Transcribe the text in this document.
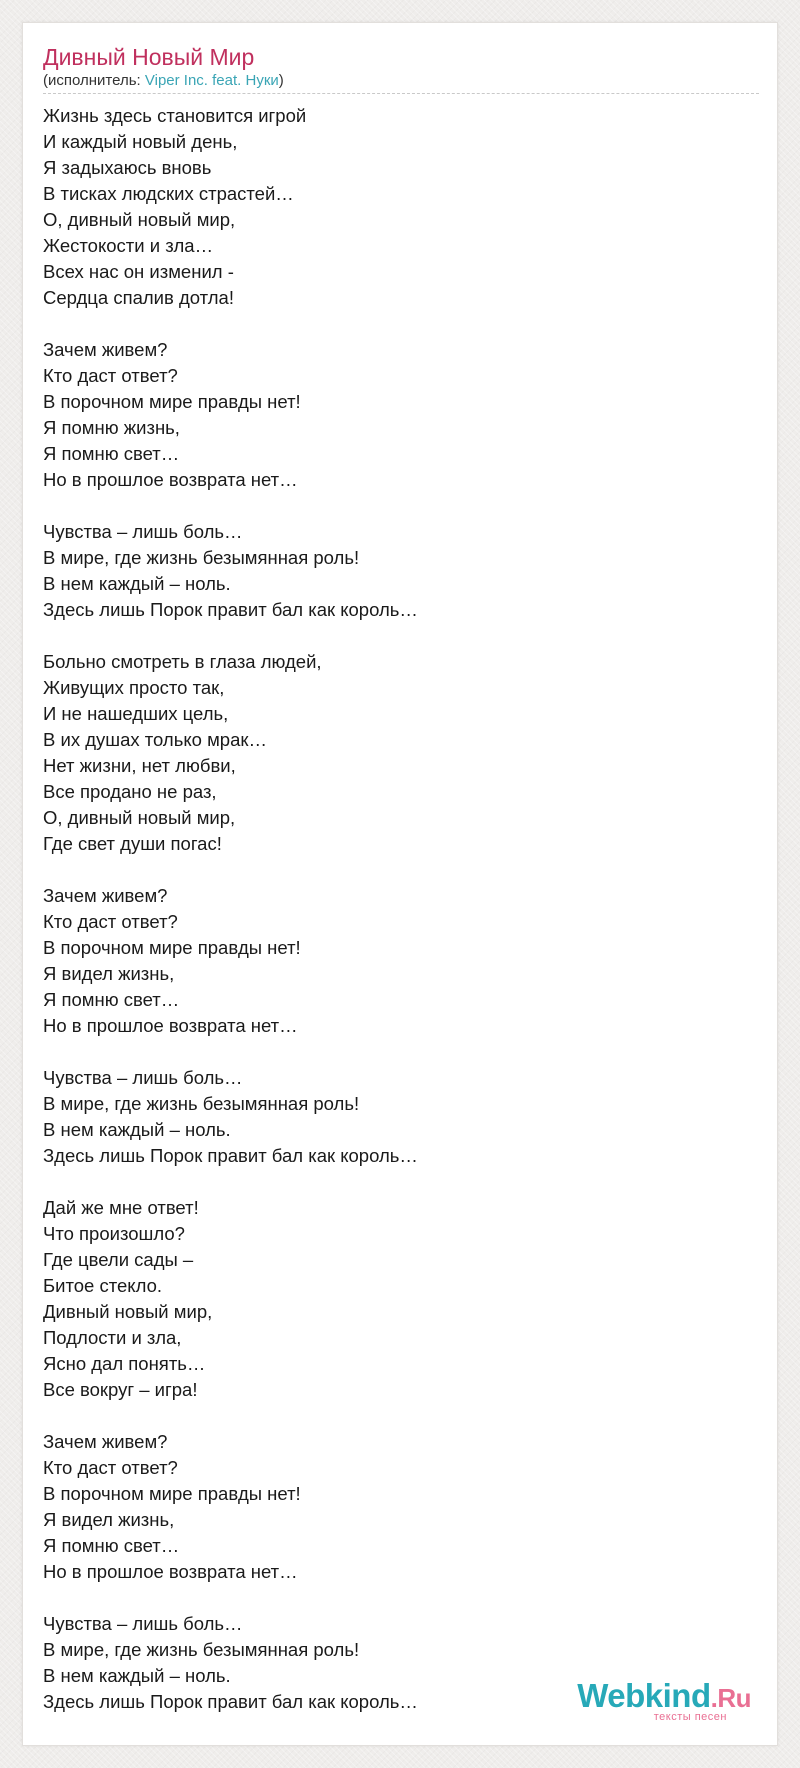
Дивный Новый Мир
(исполнитель: Viper Inc. feat. Нуки)
Жизнь здесь становится игрой
И каждый новый день,
Я задыхаюсь вновь
В тисках людских страстей…
О, дивный новый мир,
Жестокости и зла…
Всех нас он изменил -
Сердца спалив дотла!
Зачем живем?
Кто даст ответ?
В порочном мире правды нет!
Я помню жизнь,
Я помню свет…
Но в прошлое возврата нет…
Чувства – лишь боль…
В мире, где жизнь безымянная роль!
В нем каждый – ноль.
Здесь лишь Порок правит бал как король…
Больно смотреть в глаза людей,
Живущих просто так,
И не нашедших цель,
В их душах только мрак…
Нет жизни, нет любви,
Все продано не раз,
О, дивный новый мир,
Где свет души погас!
Зачем живем?
Кто даст ответ?
В порочном мире правды нет!
Я видел жизнь,
Я помню свет…
Но в прошлое возврата нет…
Чувства – лишь боль…
В мире, где жизнь безымянная роль!
В нем каждый – ноль.
Здесь лишь Порок правит бал как король…
Дай же мне ответ!
Что произошло?
Где цвели сады –
Битое стекло.
Дивный новый мир,
Подлости и зла,
Ясно дал понять…
Все вокруг – игра!
Зачем живем?
Кто даст ответ?
В порочном мире правды нет!
Я видел жизнь,
Я помню свет…
Но в прошлое возврата нет…
Чувства – лишь боль…
В мире, где жизнь безымянная роль!
В нем каждый – ноль.
Здесь лишь Порок правит бал как король…	Webkind.Ru
тексты песен
